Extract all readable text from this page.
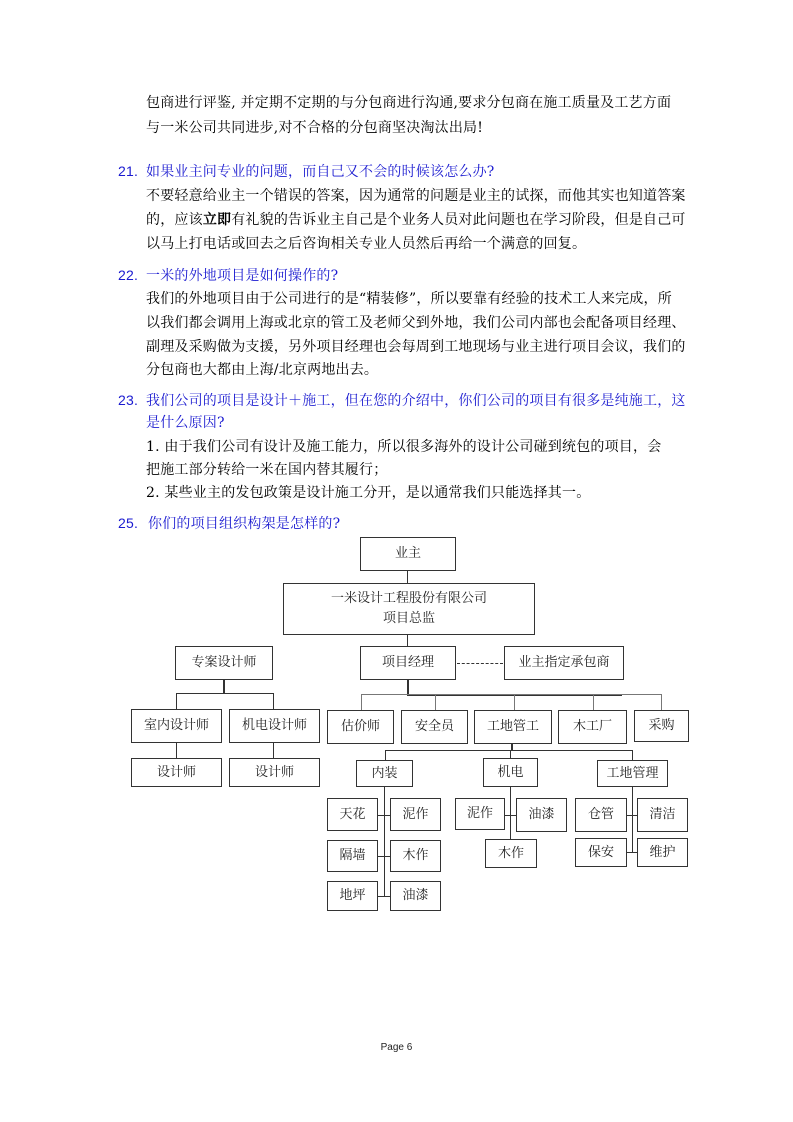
包商进行评鉴, 并定期不定期的与分包商进行沟通,要求分包商在施工质量及工艺方面
与一米公司共同进步,对不合格的分包商坚决淘汰出局!
21. 如果业主问专业的问题，而自己又不会的时候该怎么办?
不要轻意给业主一个错误的答案，因为通常的问题是业主的试探，而他其实也知道答案
的，应该立即有礼貌的告诉业主自己是个业务人员对此问题也在学习阶段，但是自己可
以马上打电话或回去之后咨询相关专业人员然后再给一个满意的回复。
22. 一米的外地项目是如何操作的?
我们的外地项目由于公司进行的是“精装修”，所以要靠有经验的技术工人来完成，所
以我们都会调用上海或北京的管工及老师父到外地，我们公司内部也会配备项目经理、
副理及采购做为支援，另外项目经理也会每周到工地现场与业主进行项目会议，我们的
分包商也大都由上海/北京两地出去。
23. 我们公司的项目是设计＋施工，但在您的介绍中，你们公司的项目有很多是纯施工，这
是什么原因?
1. 由于我们公司有设计及施工能力，所以很多海外的设计公司碰到统包的项目，会
把施工部分转给一米在国内替其履行；
2. 某些业主的发包政策是设计施工分开，是以通常我们只能选择其一。
25. 你们的项目组织构架是怎样的?
业主
一米设计工程股份有限公司
项目总监
专案设计师	项目经理	业主指定承包商
室内设计师	机电设计师	估价师	安全员	工地管工	木工厂	采购
设计师	设计师	内装	机电	工地管理
天花	泥作
隔墙	木作
地坪	油漆
泥作	油漆
木作
仓管	清洁
保安	维护
Page 6
